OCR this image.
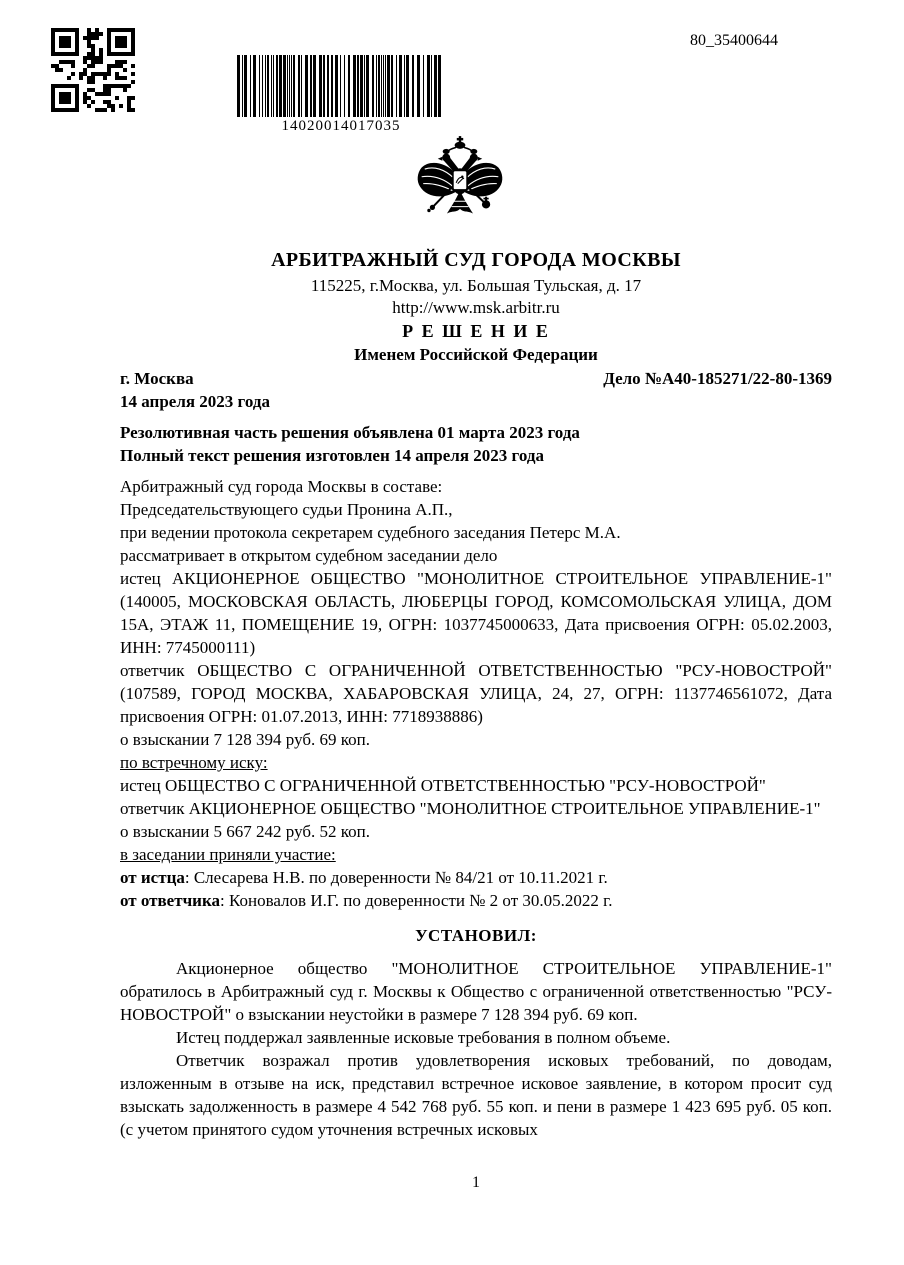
14020014017035
80_35400644
АРБИТРАЖНЫЙ СУД ГОРОДА МОСКВЫ
115225, г.Москва, ул. Большая Тульская, д. 17
http://www.msk.arbitr.ru
Р Е Ш Е Н И Е
Именем Российской Федерации
г. Москва	Дело №А40-185271/22-80-1369
14 апреля 2023 года
Резолютивная часть решения объявлена 01 марта 2023 года
Полный текст решения изготовлен 14 апреля 2023 года
Арбитражный суд города Москвы в составе:
Председательствующего судьи Пронина А.П.,
при ведении протокола секретарем судебного заседания Петерс М.А.
рассматривает в открытом судебном заседании дело
истец АКЦИОНЕРНОЕ ОБЩЕСТВО "МОНОЛИТНОЕ СТРОИТЕЛЬНОЕ УПРАВЛЕНИЕ-1" (140005, МОСКОВСКАЯ ОБЛАСТЬ, ЛЮБЕРЦЫ ГОРОД, КОМСОМОЛЬСКАЯ УЛИЦА, ДОМ 15А, ЭТАЖ 11, ПОМЕЩЕНИЕ 19, ОГРН: 1037745000633, Дата присвоения ОГРН: 05.02.2003, ИНН: 7745000111)
ответчик ОБЩЕСТВО С ОГРАНИЧЕННОЙ ОТВЕТСТВЕННОСТЬЮ "РСУ-НОВОСТРОЙ" (107589, ГОРОД МОСКВА, ХАБАРОВСКАЯ УЛИЦА, 24, 27, ОГРН: 1137746561072, Дата присвоения ОГРН: 01.07.2013, ИНН: 7718938886)
о взыскании 7 128 394 руб. 69 коп.
по встречному иску:
истец ОБЩЕСТВО С ОГРАНИЧЕННОЙ ОТВЕТСТВЕННОСТЬЮ "РСУ-НОВОСТРОЙ"
ответчик АКЦИОНЕРНОЕ ОБЩЕСТВО "МОНОЛИТНОЕ СТРОИТЕЛЬНОЕ УПРАВЛЕНИЕ-1"
о взыскании 5 667 242 руб. 52 коп.
в заседании приняли участие:
от истца: Слесарева Н.В. по доверенности № 84/21 от 10.11.2021 г.
от ответчика: Коновалов И.Г. по доверенности № 2 от 30.05.2022 г.
УСТАНОВИЛ:
Акционерное общество "МОНОЛИТНОЕ СТРОИТЕЛЬНОЕ УПРАВЛЕНИЕ-1" обратилось в Арбитражный суд г. Москвы к Общество с ограниченной ответственностью "РСУ-НОВОСТРОЙ" о взыскании неустойки в размере 7 128 394 руб. 69 коп.
Истец поддержал заявленные исковые требования в полном объеме.
Ответчик возражал против удовлетворения исковых требований, по доводам, изложенным в отзыве на иск, представил встречное исковое заявление, в котором просит суд взыскать задолженность в размере 4 542 768 руб. 55 коп. и пени в размере 1 423 695 руб. 05 коп. (с учетом принятого судом уточнения встречных исковых
1
